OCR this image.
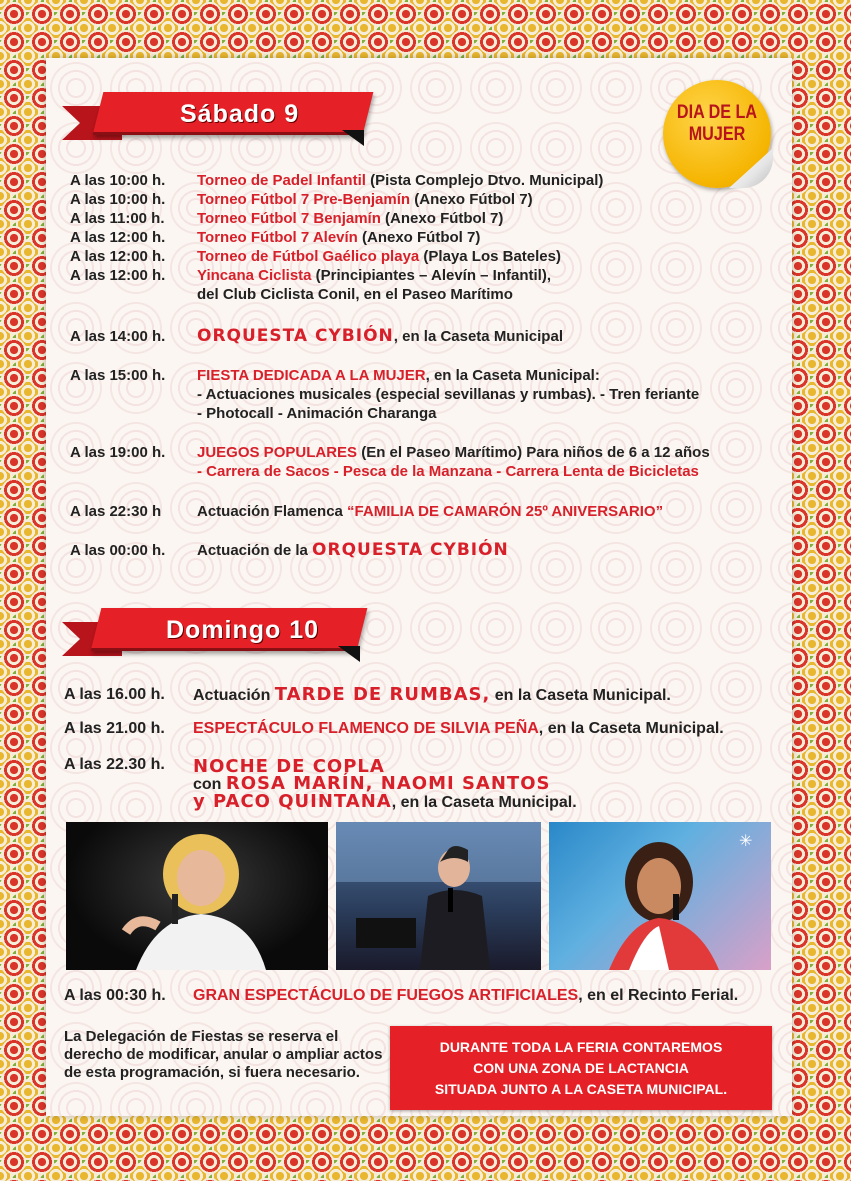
Sábado 9	DIA DE LA
MUJER
A las 10:00 h. Torneo de Padel Infantil (Pista Complejo Dtvo. Municipal)
A las 10:00 h. Torneo Fútbol 7 Pre-Benjamín (Anexo Fútbol 7)
A las 11:00 h. Torneo Fútbol 7 Benjamín (Anexo Fútbol 7)
A las 12:00 h. Torneo Fútbol 7 Alevín (Anexo Fútbol 7)
A las 12:00 h. Torneo de Fútbol Gaélico playa (Playa Los Bateles)
A las 12:00 h. Yincana Ciclista (Principiantes – Alevín – Infantil),
del Club Ciclista Conil, en el Paseo Marítimo
A las 14:00 h. ORQUESTA CYBIÓN, en la Caseta Municipal
A las 15:00 h. FIESTA DEDICADA A LA MUJER, en la Caseta Municipal:
- Actuaciones musicales (especial sevillanas y rumbas). - Tren feriante
- Photocall - Animación Charanga
A las 19:00 h. JUEGOS POPULARES (En el Paseo Marítimo) Para niños de 6 a 12 años
- Carrera de Sacos - Pesca de la Manzana - Carrera Lenta de Bicicletas
A las 22:30 h Actuación Flamenca “FAMILIA DE CAMARÓN 25º ANIVERSARIO”
A las 00:00 h. Actuación de la ORQUESTA CYBIÓN
Domingo 10
A las 16.00 h. Actuación TARDE DE RUMBAS, en la Caseta Municipal.
A las 21.00 h. ESPECTÁCULO FLAMENCO DE SILVIA PEÑA, en la Caseta Municipal.
A las 22.30 h. NOCHE DE COPLA
con ROSA MARÍN, NAOMI SANTOS
y PACO QUINTANA, en la Caseta Municipal.
✳
A las 00:30 h. GRAN ESPECTÁCULO DE FUEGOS ARTIFICIALES, en el Recinto Ferial.
La Delegación de Fiestas se reserva el derecho de modificar, anular o ampliar actos de esta programación, si fuera necesario.
DURANTE TODA LA FERIA CONTAREMOS
CON UNA ZONA DE LACTANCIA
SITUADA JUNTO A LA CASETA MUNICIPAL.
